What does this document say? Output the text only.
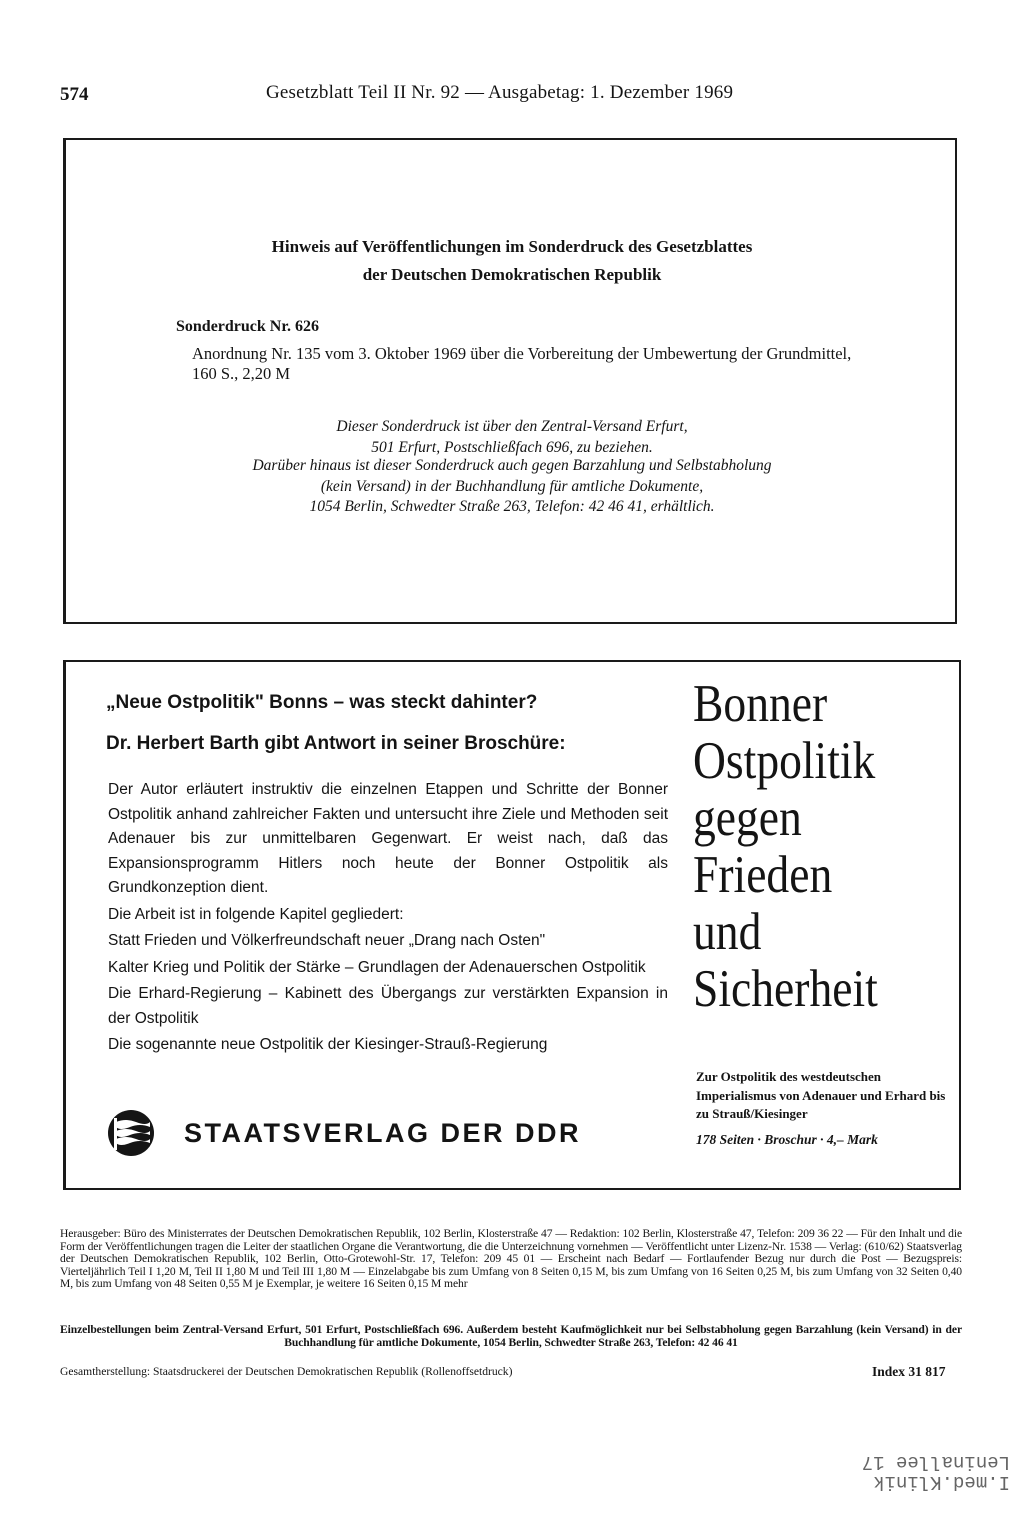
574	Gesetzblatt Teil II Nr. 92 — Ausgabetag: 1. Dezember 1969
Hinweis auf Veröffentlichungen im Sonderdruck des Gesetzblattes
der Deutschen Demokratischen Republik
Sonderdruck Nr. 626
Anordnung Nr. 135 vom 3. Oktober 1969 über die Vorbereitung der Umbewertung der Grundmittel, 160 S., 2,20 M
Dieser Sonderdruck ist über den Zentral-Versand Erfurt,
501 Erfurt, Postschließfach 696, zu beziehen.
Darüber hinaus ist dieser Sonderdruck auch gegen Barzahlung und Selbstabholung
(kein Versand) in der Buchhandlung für amtliche Dokumente,
1054 Berlin, Schwedter Straße 263, Telefon: 42 46 41, erhältlich.
„Neue Ostpolitik" Bonns – was steckt dahinter?
Dr. Herbert Barth gibt Antwort in seiner Broschüre:

Der Autor erläutert instruktiv die einzelnen Etappen und Schritte der Bonner Ostpolitik anhand zahlreicher Fakten und untersucht ihre Ziele und Methoden seit Adenauer bis zur unmittelbaren Gegenwart. Er weist nach, daß das Expansionsprogramm Hitlers noch heute der Bonner Ostpolitik als Grundkonzeption dient.

Die Arbeit ist in folgende Kapitel gegliedert:

Statt Frieden und Völkerfreundschaft neuer „Drang nach Osten"

Kalter Krieg und Politik der Stärke – Grundlagen der Adenauerschen Ostpolitik

Die Erhard-Regierung – Kabinett des Übergangs zur verstärkten Expansion in der Ostpolitik

Die sogenannte neue Ostpolitik der Kiesinger-Strauß-Regierung

STAATSVERLAG DER DDR
Bonner
Ostpolitik
gegen
Frieden
und
Sicherheit
Zur Ostpolitik des westdeutschen Imperialismus von Adenauer und Erhard bis zu Strauß/Kiesinger
178 Seiten · Broschur · 4,– Mark
Herausgeber: Büro des Ministerrates der Deutschen Demokratischen Republik, 102 Berlin, Klosterstraße 47 — Redaktion: 102 Berlin, Klosterstraße 47, Telefon: 209 36 22 — Für den Inhalt und die Form der Veröffentlichungen tragen die Leiter der staatlichen Organe die Verantwortung, die die Unterzeichnung vornehmen — Veröffentlicht unter Lizenz-Nr. 1538 — Verlag: (610/62) Staatsverlag der Deutschen Demokratischen Republik, 102 Berlin, Otto-Grotewohl-Str. 17, Telefon: 209 45 01 — Erscheint nach Bedarf — Fortlaufender Bezug nur durch die Post — Bezugspreis: Vierteljährlich Teil I 1,20 M, Teil II 1,80 M und Teil III 1,80 M — Einzelabgabe bis zum Umfang von 8 Seiten 0,15 M, bis zum Umfang von 16 Seiten 0,25 M, bis zum Umfang von 32 Seiten 0,40 M, bis zum Umfang von 48 Seiten 0,55 M je Exemplar, je weitere 16 Seiten 0,15 M mehr
Einzelbestellungen beim Zentral-Versand Erfurt, 501 Erfurt, Postschließfach 696. Außerdem besteht Kaufmöglichkeit nur bei Selbstabholung gegen Barzahlung (kein Versand) in der Buchhandlung für amtliche Dokumente, 1054 Berlin, Schwedter Straße 263, Telefon: 42 46 41
Gesamtherstellung: Staatsdruckerei der Deutschen Demokratischen Republik (Rollenoffsetdruck)	Index 31 817
I.med.Klinik
Leninallee 17
